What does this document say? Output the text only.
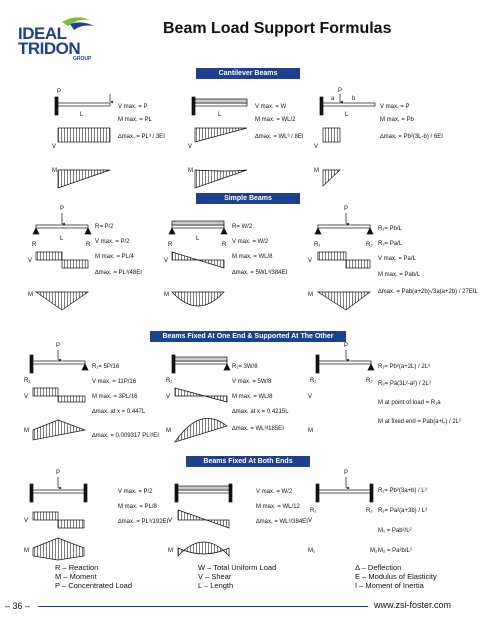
IDEAL
TRIDON
GROUP
Beam Load Support Formulas
Cantilever Beams
Simple Beams
Beams Fixed At One End & Supported At The Other
Beams Fixed At Both Ends
P
L
V
M
V max. = P
M max. = PL
∆max. = PL³ / 3EI
L
V
M
V max. = W
M max. = WL/2
∆max. = WL³ / 8EI
P
a	b
L
V
M
V max. = P
M max. = Pb
∆max. = Pb²(3L-b) / 6EI
P
R	R
L
V
M
R= P/2
V max. = P/2
M max. = PL/4
∆max. = PL³/48EI
R	R
L
V
M
R= W/2
V max. = W/2
M max. = WL/8
∆max. = 5WL³/384EI
P
R₁	R₂
V
M
R₁= Pb/L
R₂= Pa/L
V max. = Pa/L
M max. = Pab/L
∆max. = Pab(a+2b)√3a(a+2b) / 27EIL
P
R₁
V
M
R₁= 5P/16
V max. = 11P/16
M max. = 3PL/16
∆max. at x = 0.447L
∆max. = 0.009317 PL³/EI
R₁
V
M
R₁= 3W/8
V max. = 5W/8
M max. = WL/8
∆max. at x = 0.4215L
∆max. = WL³/185EI
P
R₁	R₂
V
M
R₁= Pb²(a+2L) / 2L³
R₂= Pa(3L²-a²) / 2L³
M at point of load = R₁a
M at fixed end = Pab(a+L) / 2L²
P
V
M
V max. = P/2
M max. = PL/8
∆max. = PL³/192EI V
M
V max. = W/2
M max. = WL/12
∆max. = WL³/384EI
P
R₁	R₂
V
M₁	M₂
R₁= Pb²(3a+b) / L³
R₂= Pa²(a+3b) / L³
M₁ = Pab²/L²
M₂ = Pa²b/L²
R – Reaction
M – Moment
P – Concentrated Load
W – Total Uniform Load
V – Shear
L – Length
Δ – Deflection
E – Modulus of Elasticity
I – Moment of Inertia
– 36 –	www.zsi-foster.com
